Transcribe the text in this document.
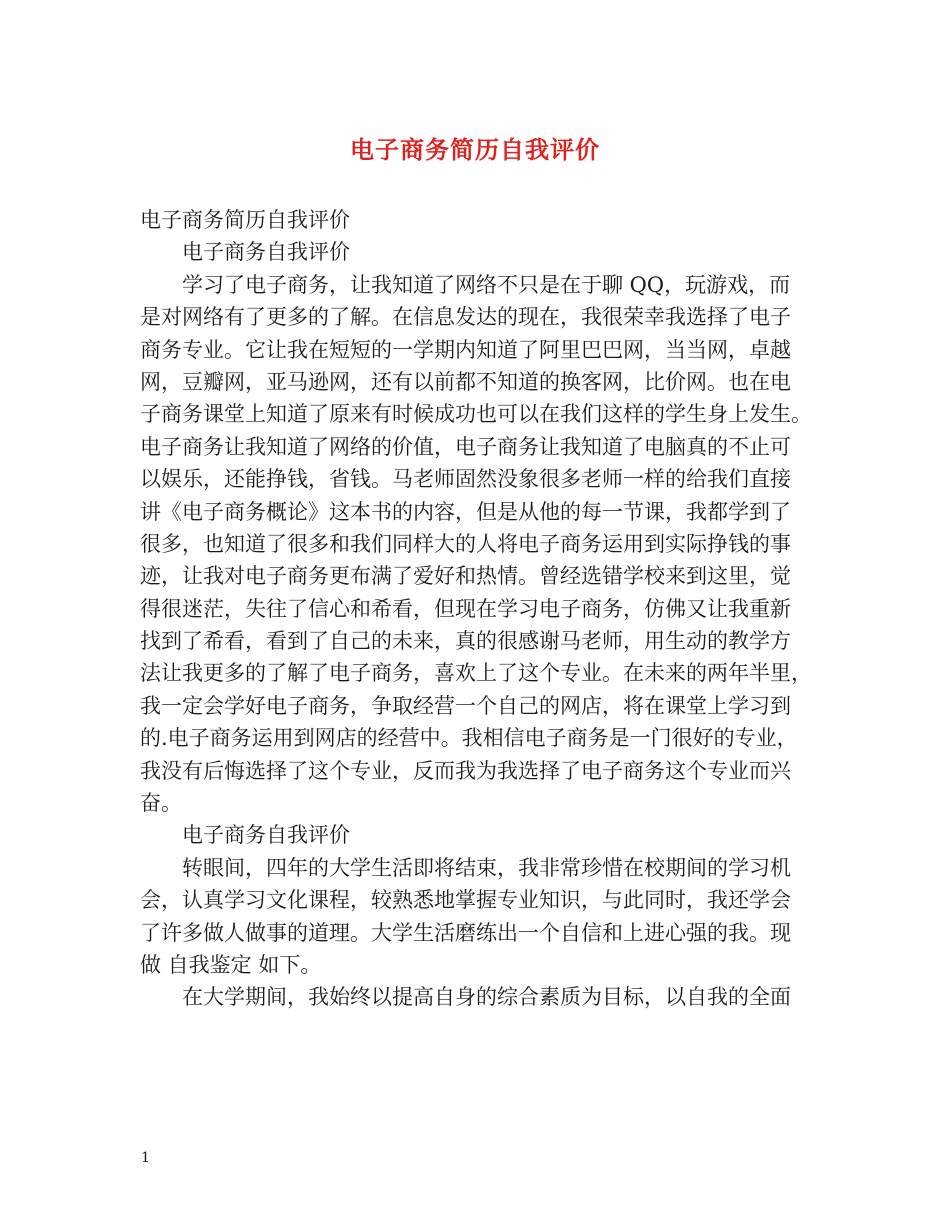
电子商务简历自我评价
电子商务简历自我评价
电子商务自我评价
学习了电子商务，让我知道了网络不只是在于聊 QQ，玩游戏，而
是对网络有了更多的了解。在信息发达的现在，我很荣幸我选择了电子
商务专业。它让我在短短的一学期内知道了阿里巴巴网，当当网，卓越
网，豆瓣网，亚马逊网，还有以前都不知道的换客网，比价网。也在电
子商务课堂上知道了原来有时候成功也可以在我们这样的学生身上发生。
电子商务让我知道了网络的价值，电子商务让我知道了电脑真的不止可
以娱乐，还能挣钱，省钱。马老师固然没象很多老师一样的给我们直接
讲《电子商务概论》这本书的内容，但是从他的每一节课，我都学到了
很多，也知道了很多和我们同样大的人将电子商务运用到实际挣钱的事
迹，让我对电子商务更布满了爱好和热情。曾经选错学校来到这里，觉
得很迷茫，失往了信心和希看，但现在学习电子商务，仿佛又让我重新
找到了希看，看到了自己的未来，真的很感谢马老师，用生动的教学方
法让我更多的了解了电子商务，喜欢上了这个专业。在未来的两年半里，
我一定会学好电子商务，争取经营一个自己的网店，将在课堂上学习到
的.电子商务运用到网店的经营中。我相信电子商务是一门很好的专业，
我没有后悔选择了这个专业，反而我为我选择了电子商务这个专业而兴
奋。
电子商务自我评价
转眼间，四年的大学生活即将结束，我非常珍惜在校期间的学习机
会，认真学习文化课程，较熟悉地掌握专业知识，与此同时，我还学会
了许多做人做事的道理。大学生活磨练出一个自信和上进心强的我。现
做 自我鉴定 如下。
在大学期间，我始终以提高自身的综合素质为目标，以自我的全面
1
